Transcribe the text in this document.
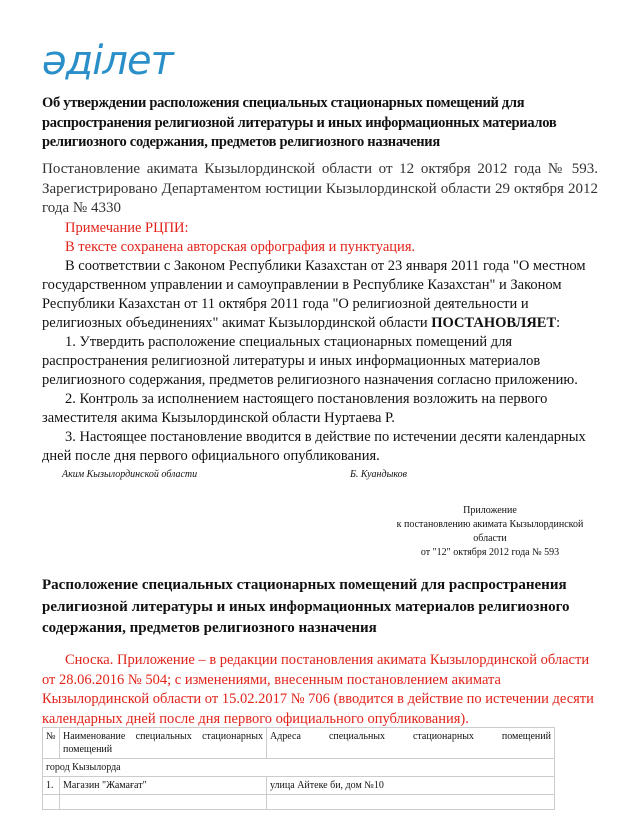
әділет
Об утверждении расположения специальных стационарных помещений для распространения религиозной литературы и иных информационных материалов религиозного содержания, предметов религиозного назначения
Постановление акимата Кызылординской области от 12 октября 2012 года № 593. Зарегистрировано Департаментом юстиции Кызылординской области 29 октября 2012 года № 4330

Примечание РЦПИ:

В тексте сохранена авторская орфография и пунктуация.

В соответствии с Законом Республики Казахстан от 23 января 2011 года "О местном государственном управлении и самоуправлении в Республике Казахстан" и Законом Республики Казахстан от 11 октября 2011 года "О религиозной деятельности и религиозных объединениях" акимат Кызылординской области ПОСТАНОВЛЯЕТ:

1. Утвердить расположение специальных стационарных помещений для распространения религиозной литературы и иных информационных материалов религиозного содержания, предметов религиозного назначения согласно приложению.

2. Контроль за исполнением настоящего постановления возложить на первого заместителя акима Кызылординской области Нуртаева Р.

3. Настоящее постановление вводится в действие по истечении десяти календарных дней после дня первого официального опубликования.

Аким Кызылординской области	Б. Куандыков
Приложение
к постановлению акимата Кызылординской
области
от "12" октября 2012 года № 593
Расположение специальных стационарных помещений для распространения религиозной литературы и иных информационных материалов религиозного содержания, предметов религиозного назначения
Сноска. Приложение – в редакции постановления акимата Кызылординской области от 28.06.2016 № 504; с изменениями, внесенным постановлением акимата Кызылординской области от 15.02.2017 № 706 (вводится в действие по истечении десяти календарных дней после дня первого официального опубликования).
№	Наименование специальных стационарных помещений	Адреса специальных стационарных помещений
город Кызылорда		
1.	Магазин "Жамағат"	улица Айтеке би, дом №10
